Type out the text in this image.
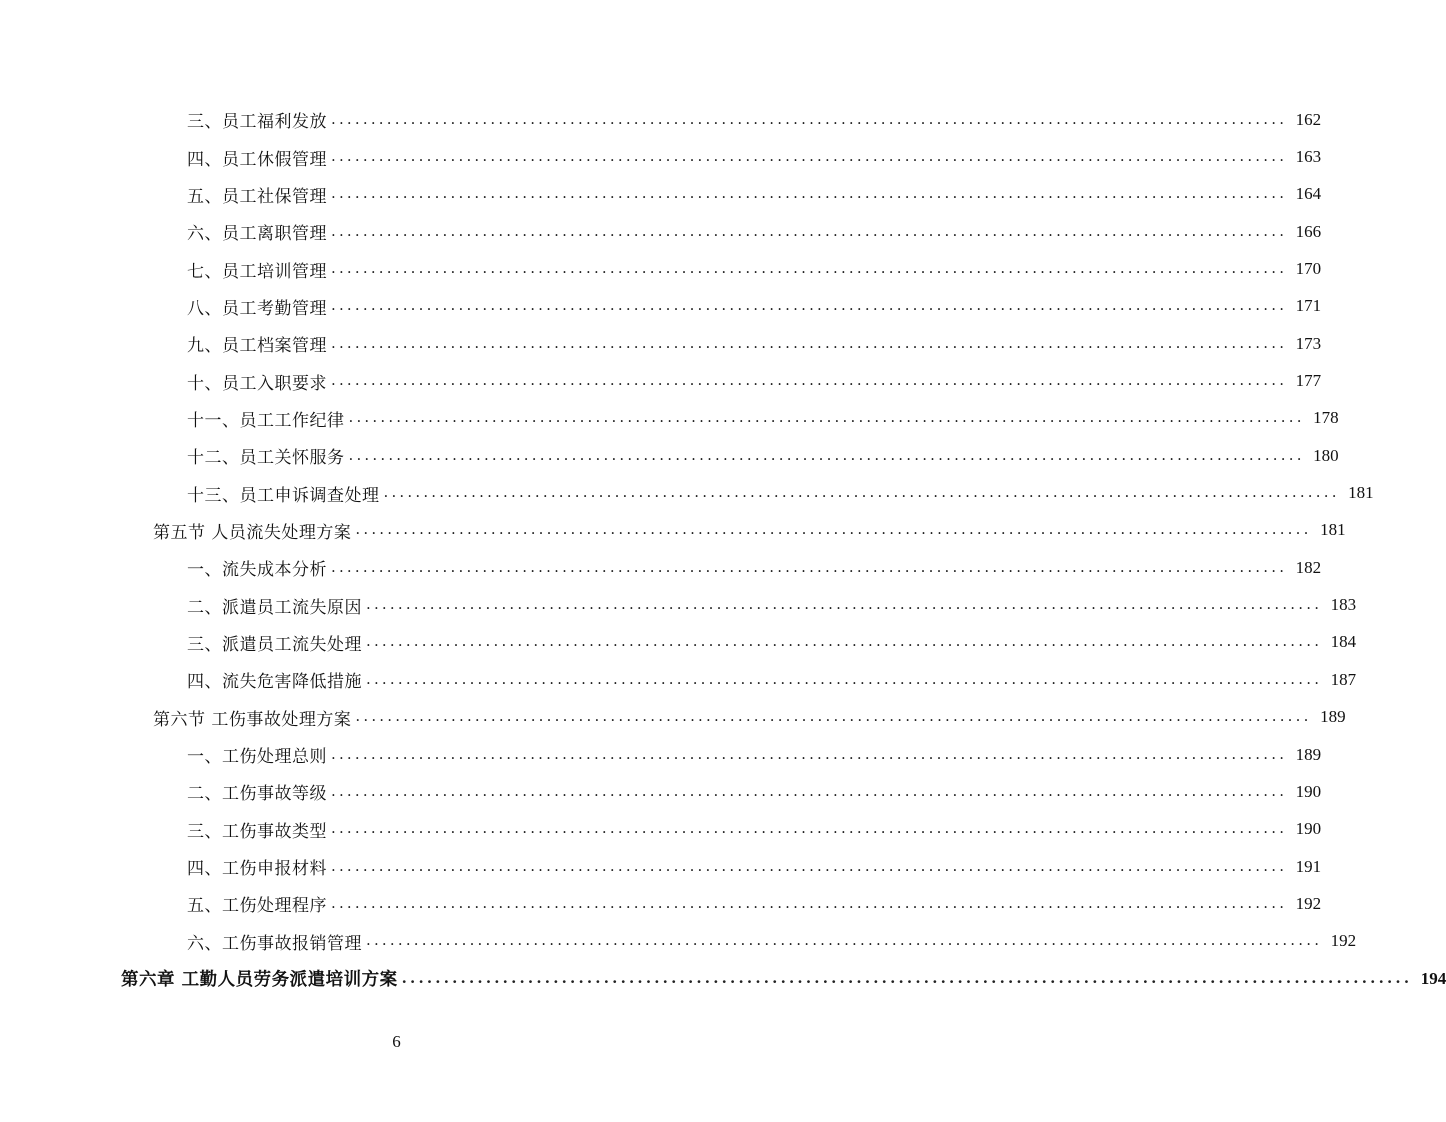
三、员工福利发放 ........................................................................................................................ 162
四、员工休假管理 ........................................................................................................................ 163
五、员工社保管理 ........................................................................................................................ 164
六、员工离职管理 ........................................................................................................................ 166
七、员工培训管理 ........................................................................................................................ 170
八、员工考勤管理 ........................................................................................................................ 171
九、员工档案管理 ........................................................................................................................ 173
十、员工入职要求 ........................................................................................................................ 177
十一、员工工作纪律 ........................................................................................................................ 178
十二、员工关怀服务 ........................................................................................................................ 180
十三、员工申诉调查处理 ........................................................................................................................ 181
第五节 人员流失处理方案 ........................................................................................................................ 181
一、流失成本分析 ........................................................................................................................ 182
二、派遣员工流失原因 ........................................................................................................................ 183
三、派遣员工流失处理 ........................................................................................................................ 184
四、流失危害降低措施 ........................................................................................................................ 187
第六节 工伤事故处理方案 ........................................................................................................................ 189
一、工伤处理总则 ........................................................................................................................ 189
二、工伤事故等级 ........................................................................................................................ 190
三、工伤事故类型 ........................................................................................................................ 190
四、工伤申报材料 ........................................................................................................................ 191
五、工伤处理程序 ........................................................................................................................ 192
六、工伤事故报销管理 ........................................................................................................................ 192
第六章 工勤人员劳务派遣培训方案 ........................................................................................................................ 194
6
